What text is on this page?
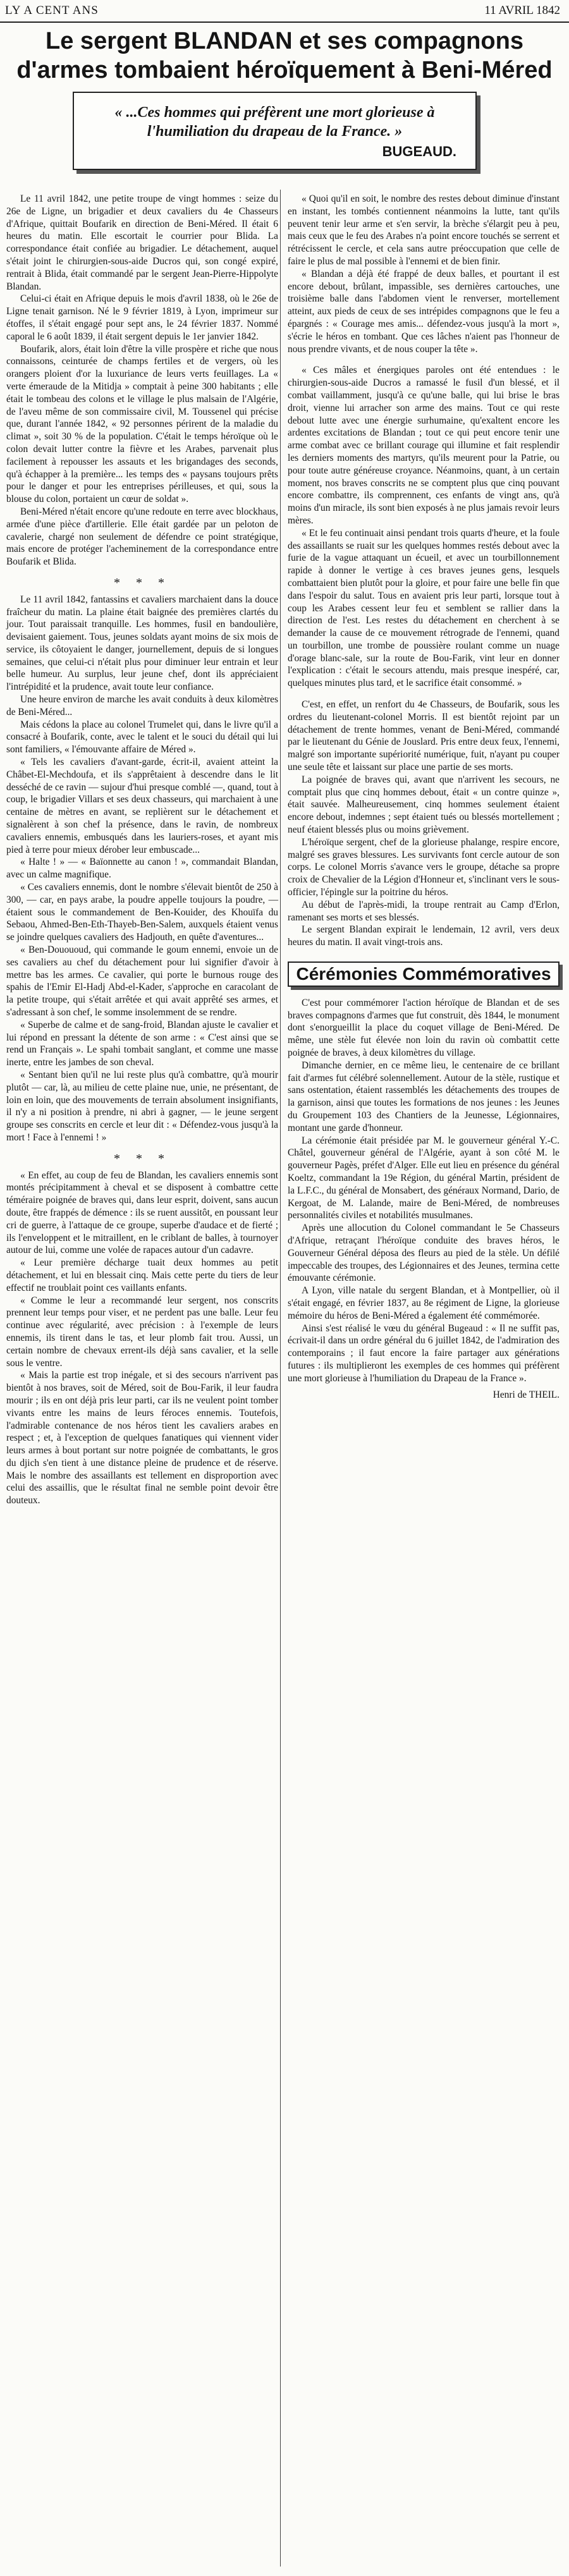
LY A CENT ANS	11 AVRIL 1842
Le sergent BLANDAN et ses compagnons d'armes tombaient héroïquement à Beni-Méred
« ...Ces hommes qui préfèrent une mort glorieuse à l'humiliation du drapeau de la France. »
BUGEAUD.

Le 11 avril 1842, une petite troupe de vingt hommes : seize du 26e de Ligne, un brigadier et deux cavaliers du 4e Chasseurs d'Afrique, quittait Boufarik en direction de Beni-Méred. Il était 6 heures du matin. Elle escortait le courrier pour Blida. La correspondance était confiée au brigadier. Le détachement, auquel s'était joint le chirurgien-sous-aide Ducros qui, son congé expiré, rentrait à Blida, était commandé par le sergent Jean-Pierre-Hippolyte Blandan.

Celui-ci était en Afrique depuis le mois d'avril 1838, où le 26e de Ligne tenait garnison. Né le 9 février 1819, à Lyon, imprimeur sur étoffes, il s'était engagé pour sept ans, le 24 février 1837. Nommé caporal le 6 août 1839, il était sergent depuis le 1er janvier 1842.

Boufarik, alors, était loin d'être la ville prospère et riche que nous connaissons, ceinturée de champs fertiles et de vergers, où les orangers ploient d'or la luxuriance de leurs verts feuillages. La « verte émeraude de la Mitidja » comptait à peine 300 habitants ; elle était le tombeau des colons et le village le plus malsain de l'Algérie, de l'aveu même de son commissaire civil, M. Toussenel qui précise que, durant l'année 1842, « 92 personnes périrent de la maladie du climat », soit 30 % de la population. C'était le temps héroïque où le colon devait lutter contre la fièvre et les Arabes, parvenait plus facilement à repousser les assauts et les brigandages des seconds, qu'à échapper à la première... les temps des « paysans toujours prêts pour le danger et pour les entreprises périlleuses, et qui, sous la blouse du colon, portaient un cœur de soldat ».

Beni-Méred n'était encore qu'une redoute en terre avec blockhaus, armée d'une pièce d'artillerie. Elle était gardée par un peloton de cavalerie, chargé non seulement de défendre ce point stratégique, mais encore de protéger l'acheminement de la correspondance entre Boufarik et Blida.

* * *

Le 11 avril 1842, fantassins et cavaliers marchaient dans la douce fraîcheur du matin. La plaine était baignée des premières clartés du jour. Tout paraissait tranquille. Les hommes, fusil en bandoulière, devisaient gaiement. Tous, jeunes soldats ayant moins de six mois de service, ils côtoyaient le danger, journellement, depuis de si longues semaines, que celui-ci n'était plus pour diminuer leur entrain et leur belle humeur. Au surplus, leur jeune chef, dont ils appréciaient l'intrépidité et la prudence, avait toute leur confiance.

Une heure environ de marche les avait conduits à deux kilomètres de Beni-Méred...

Mais cédons la place au colonel Trumelet qui, dans le livre qu'il a consacré à Boufarik, conte, avec le talent et le souci du détail qui lui sont familiers, « l'émouvante affaire de Méred ».

« Tels les cavaliers d'avant-garde, écrit-il, avaient atteint la Châbet-El-Mechdoufa, et ils s'apprêtaient à descendre dans le lit desséché de ce ravin — sujour d'hui presque comblé —, quand, tout à coup, le brigadier Villars et ses deux chasseurs, qui marchaient à une centaine de mètres en avant, se replièrent sur le détachement et signalèrent à son chef la présence, dans le ravin, de nombreux cavaliers ennemis, embusqués dans les lauriers-roses, et ayant mis pied à terre pour mieux dérober leur embuscade...

« Halte ! » — « Baïonnette au canon ! », commandait Blandan, avec un calme magnifique.

« Ces cavaliers ennemis, dont le nombre s'élevait bientôt de 250 à 300, — car, en pays arabe, la poudre appelle toujours la poudre, — étaient sous le commandement de Ben-Kouider, des Khouïfa du Sebaou, Ahmed-Ben-Eth-Thayeb-Ben-Salem, auxquels étaient venus se joindre quelques cavaliers des Hadjouth, en quête d'aventures...

« Ben-Douououd, qui commande le goum ennemi, envoie un de ses cavaliers au chef du détachement pour lui signifier d'avoir à mettre bas les armes. Ce cavalier, qui porte le burnous rouge des spahis de l'Emir El-Hadj Abd-el-Kader, s'approche en caracolant de la petite troupe, qui s'était arrêtée et qui avait apprêté ses armes, et s'adressant à son chef, le somme insolemment de se rendre.

« Superbe de calme et de sang-froid, Blandan ajuste le cavalier et lui répond en pressant la détente de son arme : « C'est ainsi que se rend un Français ». Le spahi tombait sanglant, et comme une masse inerte, entre les jambes de son cheval.

« Sentant bien qu'il ne lui reste plus qu'à combattre, qu'à mourir plutôt — car, là, au milieu de cette plaine nue, unie, ne présentant, de loin en loin, que des mouvements de terrain absolument insignifiants, il n'y a ni position à prendre, ni abri à gagner, — le jeune sergent groupe ses conscrits en cercle et leur dit : « Défendez-vous jusqu'à la mort ! Face à l'ennemi ! »

* * *

« En effet, au coup de feu de Blandan, les cavaliers ennemis sont montés précipitamment à cheval et se disposent à combattre cette téméraire poignée de braves qui, dans leur esprit, doivent, sans aucun doute, être frappés de démence : ils se ruent aussitôt, en poussant leur cri de guerre, à l'attaque de ce groupe, superbe d'audace et de fierté ; ils l'enveloppent et le mitraillent, en le criblant de balles, à tournoyer autour de lui, comme une volée de rapaces autour d'un cadavre.

« Leur première décharge tuait deux hommes au petit détachement, et lui en blessait cinq. Mais cette perte du tiers de leur effectif ne troublait point ces vaillants enfants.

« Comme le leur a recommandé leur sergent, nos conscrits prennent leur temps pour viser, et ne perdent pas une balle. Leur feu continue avec régularité, avec précision : à l'exemple de leurs ennemis, ils tirent dans le tas, et leur plomb fait trou. Aussi, un certain nombre de chevaux errent-ils déjà sans cavalier, et la selle sous le ventre.

« Mais la partie est trop inégale, et si des secours n'arrivent pas bientôt à nos braves, soit de Méred, soit de Bou-Farik, il leur faudra mourir ; ils en ont déjà pris leur parti, car ils ne veulent point tomber vivants entre les mains de leurs féroces ennemis. Toutefois, l'admirable contenance de nos héros tient les cavaliers arabes en respect ; et, à l'exception de quelques fanatiques qui viennent vider leurs armes à bout portant sur notre poignée de combattants, le gros du djich s'en tient à une distance pleine de prudence et de réserve. Mais le nombre des assaillants est tellement en disproportion avec celui des assaillis, que le résultat final ne semble point devoir être douteux.

« Quoi qu'il en soit, le nombre des restes debout diminue d'instant en instant, les tombés contiennent néanmoins la lutte, tant qu'ils peuvent tenir leur arme et s'en servir, la brèche s'élargit peu à peu, mais ceux que le feu des Arabes n'a point encore touchés se serrent et rétrécissent le cercle, et cela sans autre préoccupation que celle de faire le plus de mal possible à l'ennemi et de bien finir.

« Blandan a déjà été frappé de deux balles, et pourtant il est encore debout, brûlant, impassible, ses dernières cartouches, une troisième balle dans l'abdomen vient le renverser, mortellement atteint, aux pieds de ceux de ses intrépides compagnons que le feu a épargnés : « Courage mes amis... défendez-vous jusqu'à la mort », s'écrie le héros en tombant. Que ces lâches n'aient pas l'honneur de nous prendre vivants, et de nous couper la tête ».

« Ces mâles et énergiques paroles ont été entendues : le chirurgien-sous-aide Ducros a ramassé le fusil d'un blessé, et il combat vaillamment, jusqu'à ce qu'une balle, qui lui brise le bras droit, vienne lui arracher son arme des mains. Tout ce qui reste debout lutte avec une énergie surhumaine, qu'exaltent encore les ardentes excitations de Blandan ; tout ce qui peut encore tenir une arme combat avec ce brillant courage qui illumine et fait resplendir les derniers moments des martyrs, qu'ils meurent pour la Patrie, ou pour toute autre généreuse croyance. Néanmoins, quant, à un certain moment, nos braves conscrits ne se comptent plus que cinq pouvant encore combattre, ils comprennent, ces enfants de vingt ans, qu'à moins d'un miracle, ils sont bien exposés à ne plus jamais revoir leurs mères.

« Et le feu continuait ainsi pendant trois quarts d'heure, et la foule des assaillants se ruait sur les quelques hommes restés debout avec la furie de la vague attaquant un écueil, et avec un tourbillonnement rapide à donner le vertige à ces braves jeunes gens, lesquels combattaient bien plutôt pour la gloire, et pour faire une belle fin que dans l'espoir du salut. Tous en avaient pris leur parti, lorsque tout à coup les Arabes cessent leur feu et semblent se rallier dans la direction de l'est. Les restes du détachement en cherchent à se demander la cause de ce mouvement rétrograde de l'ennemi, quand un tourbillon, une trombe de poussière roulant comme un nuage d'orage blanc-sale, sur la route de Bou-Farik, vint leur en donner l'explication : c'était le secours attendu, mais presque inespéré, car, quelques minutes plus tard, et le sacrifice était consommé. »

C'est, en effet, un renfort du 4e Chasseurs, de Boufarik, sous les ordres du lieutenant-colonel Morris. Il est bientôt rejoint par un détachement de trente hommes, venant de Beni-Méred, commandé par le lieutenant du Génie de Jouslard. Pris entre deux feux, l'ennemi, malgré son importante supériorité numérique, fuit, n'ayant pu couper une seule tête et laissant sur place une partie de ses morts.

La poignée de braves qui, avant que n'arrivent les secours, ne comptait plus que cinq hommes debout, était « un contre quinze », était sauvée. Malheureusement, cinq hommes seulement étaient encore debout, indemnes ; sept étaient tués ou blessés mortellement ; neuf étaient blessés plus ou moins grièvement.

L'héroïque sergent, chef de la glorieuse phalange, respire encore, malgré ses graves blessures. Les survivants font cercle autour de son corps. Le colonel Morris s'avance vers le groupe, détache sa propre croix de Chevalier de la Légion d'Honneur et, s'inclinant vers le sous-officier, l'épingle sur la poitrine du héros.

Au début de l'après-midi, la troupe rentrait au Camp d'Erlon, ramenant ses morts et ses blessés.

Le sergent Blandan expirait le lendemain, 12 avril, vers deux heures du matin. Il avait vingt-trois ans.

Cérémonies Commémoratives

C'est pour commémorer l'action héroïque de Blandan et de ses braves compagnons d'armes que fut construit, dès 1844, le monument dont s'enorgueillit la place du coquet village de Beni-Méred. De même, une stèle fut élevée non loin du ravin où combattit cette poignée de braves, à deux kilomètres du village.

Dimanche dernier, en ce même lieu, le centenaire de ce brillant fait d'armes fut célébré solennellement. Autour de la stèle, rustique et sans ostentation, étaient rassemblés les détachements des troupes de la garnison, ainsi que toutes les formations de nos jeunes : les Jeunes du Groupement 103 des Chantiers de la Jeunesse, Légionnaires, montant une garde d'honneur.

La cérémonie était présidée par M. le gouverneur général Y.-C. Châtel, gouverneur général de l'Algérie, ayant à son côté M. le gouverneur Pagès, préfet d'Alger. Elle eut lieu en présence du général Koeltz, commandant la 19e Région, du général Martin, président de la L.F.C., du général de Monsabert, des généraux Normand, Dario, de Kergoat, de M. Lalande, maire de Beni-Méred, de nombreuses personnalités civiles et notabilités musulmanes.

Après une allocution du Colonel commandant le 5e Chasseurs d'Afrique, retraçant l'héroïque conduite des braves héros, le Gouverneur Général déposa des fleurs au pied de la stèle. Un défilé impeccable des troupes, des Légionnaires et des Jeunes, termina cette émouvante cérémonie.

A Lyon, ville natale du sergent Blandan, et à Montpellier, où il s'était engagé, en février 1837, au 8e régiment de Ligne, la glorieuse mémoire du héros de Beni-Méred a également été commémorée.

Ainsi s'est réalisé le vœu du général Bugeaud : « Il ne suffit pas, écrivait-il dans un ordre général du 6 juillet 1842, de l'admiration des contemporains ; il faut encore la faire partager aux générations futures : ils multiplieront les exemples de ces hommes qui préfèrent une mort glorieuse à l'humiliation du Drapeau de la France ».

Henri de THEIL.
